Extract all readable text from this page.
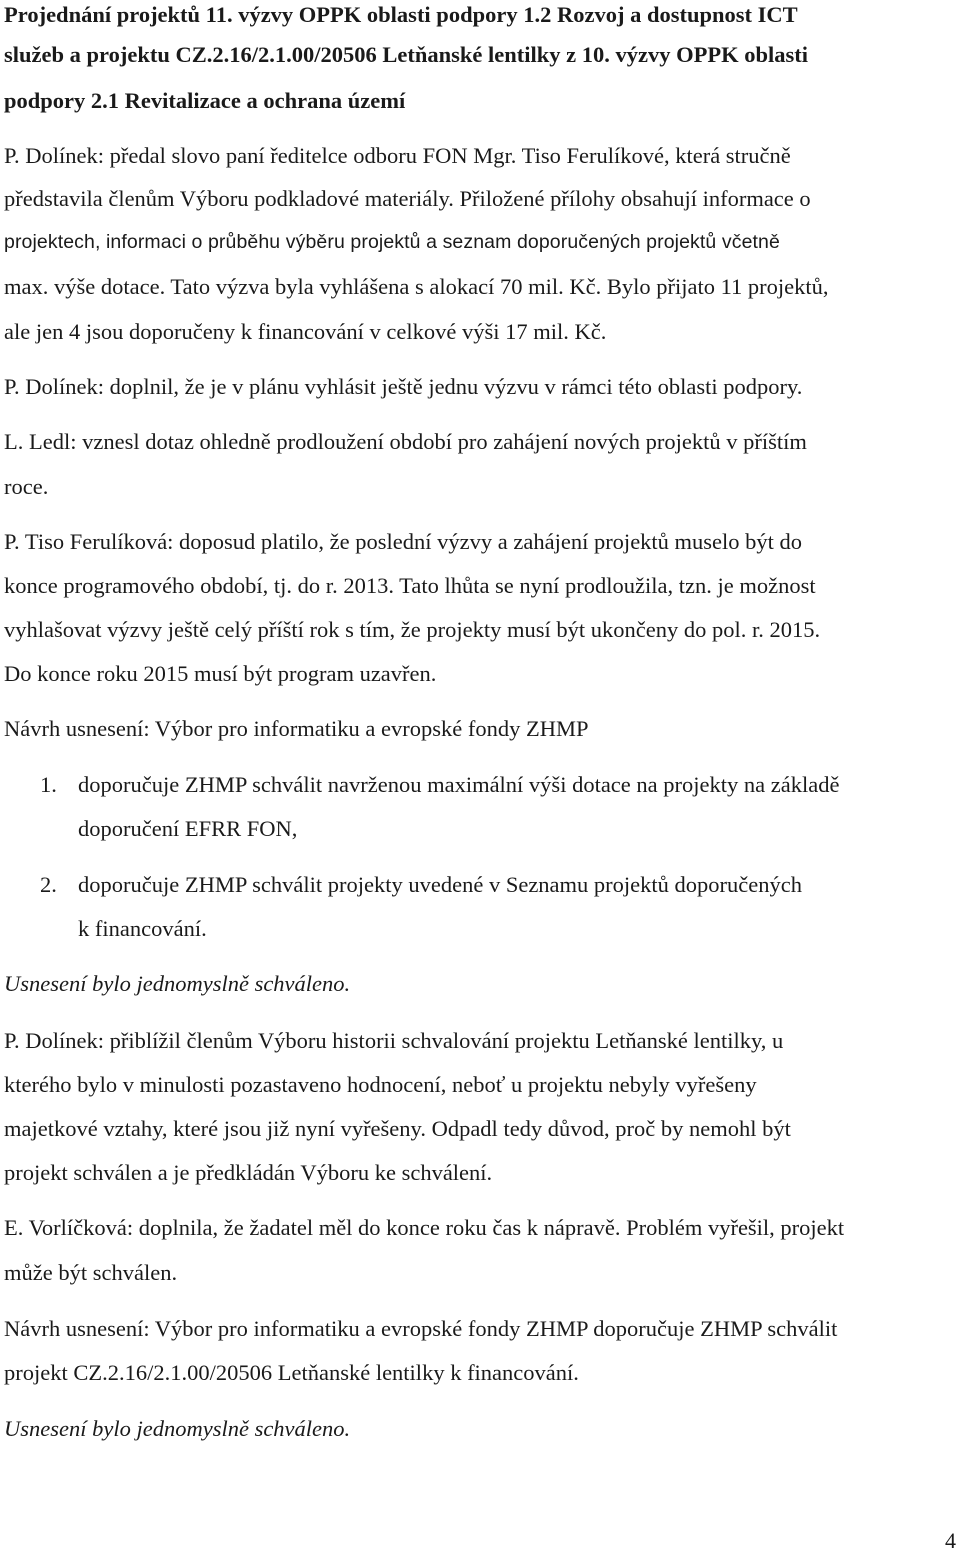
Projednání projektů 11. výzvy OPPK oblasti podpory 1.2 Rozvoj a dostupnost ICT
služeb a projektu CZ.2.16/2.1.00/20506 Letňanské lentilky z 10. výzvy OPPK oblasti
podpory 2.1 Revitalizace a ochrana území
P. Dolínek: předal slovo paní ředitelce odboru FON Mgr. Tiso Ferulíkové, která stručně
představila členům Výboru podkladové materiály. Přiložené přílohy obsahují informace o
projektech, informaci o průběhu výběru projektů a seznam doporučených projektů včetně
max. výše dotace. Tato výzva byla vyhlášena s alokací 70 mil. Kč. Bylo přijato 11 projektů,
ale jen 4 jsou doporučeny k financování v celkové výši 17 mil. Kč.
P. Dolínek: doplnil, že je v plánu vyhlásit ještě jednu výzvu v rámci této oblasti podpory.
L. Ledl: vznesl dotaz ohledně prodloužení období pro zahájení nových projektů v příštím
roce.
P. Tiso Ferulíková: doposud platilo, že poslední výzvy a zahájení projektů muselo být do
konce programového období, tj. do r. 2013. Tato lhůta se nyní prodloužila, tzn. je možnost
vyhlašovat výzvy ještě celý příští rok s tím, že projekty musí být ukončeny do pol. r. 2015.
Do konce roku 2015 musí být program uzavřen.
Návrh usnesení: Výbor pro informatiku a evropské fondy ZHMP
1. doporučuje ZHMP schválit navrženou maximální výši dotace na projekty na základě
doporučení EFRR FON,
2. doporučuje ZHMP schválit projekty uvedené v Seznamu projektů doporučených
k financování.
Usnesení bylo jednomyslně schváleno.
P. Dolínek: přiblížil členům Výboru historii schvalování projektu Letňanské lentilky, u
kterého bylo v minulosti pozastaveno hodnocení, neboť u projektu nebyly vyřešeny
majetkové vztahy, které jsou již nyní vyřešeny. Odpadl tedy důvod, proč by nemohl být
projekt schválen a je předkládán Výboru ke schválení.
E. Vorlíčková: doplnila, že žadatel měl do konce roku čas k nápravě. Problém vyřešil, projekt
může být schválen.
Návrh usnesení: Výbor pro informatiku a evropské fondy ZHMP doporučuje ZHMP schválit
projekt CZ.2.16/2.1.00/20506 Letňanské lentilky k financování.
Usnesení bylo jednomyslně schváleno.
4
